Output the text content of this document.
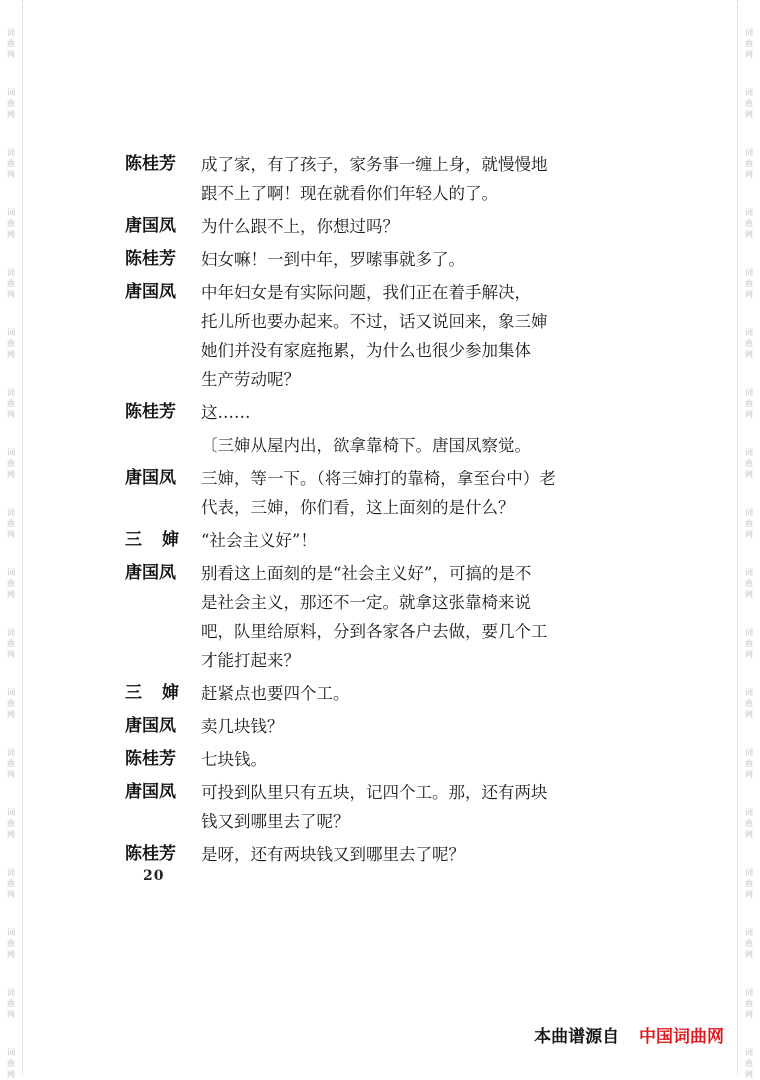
词
曲
网
词
曲
网
词
曲
网
词
曲
网
词
曲
网
词
曲
网
词
曲
网
词
曲
网
词
曲
网
词
曲
网
词
曲
网
词
曲
网
词
曲
网
词
曲
网
词
曲
网
词
曲
网
词
曲
网
词
曲
网
词
曲
网
词
曲
网
词
曲
网
词
曲
网
词
曲
网
词
曲
网
词
曲
网
词
曲
网
词
曲
网
词
曲
网
词
曲
网
词
曲
网
词
曲
网
词
曲
网
词
曲
网
词
曲
网
词
曲
网
词
曲
网
陈桂芳	成了家，有了孩子，家务事一缠上身，就慢慢地
跟不上了啊！现在就看你们年轻人的了。
唐国凤	为什么跟不上，你想过吗？
陈桂芳	妇女嘛！一到中年，罗嗦事就多了。
唐国凤	中年妇女是有实际问题，我们正在着手解决，
托儿所也要办起来。不过，话又说回来，象三婶
她们并没有家庭拖累，为什么也很少参加集体
生产劳动呢？
陈桂芳	这……
〔三婶从屋内出，欲拿靠椅下。唐国凤察觉。
唐国凤	三婶，等一下。（将三婶打的靠椅，拿至台中）老
代表，三婶，你们看，这上面刻的是什么？
三婶 “社会主义好”！
唐国凤	别看这上面刻的是“社会主义好”，可搞的是不
是社会主义，那还不一定。就拿这张靠椅来说
吧，队里给原料，分到各家各户去做，要几个工
才能打起来？
三婶 赶紧点也要四个工。
唐国凤	卖几块钱？
陈桂芳	七块钱。
唐国凤	可投到队里只有五块，记四个工。那，还有两块
钱又到哪里去了呢？
陈桂芳	是呀，还有两块钱又到哪里去了呢？
20
本曲谱源自 中国词曲网
